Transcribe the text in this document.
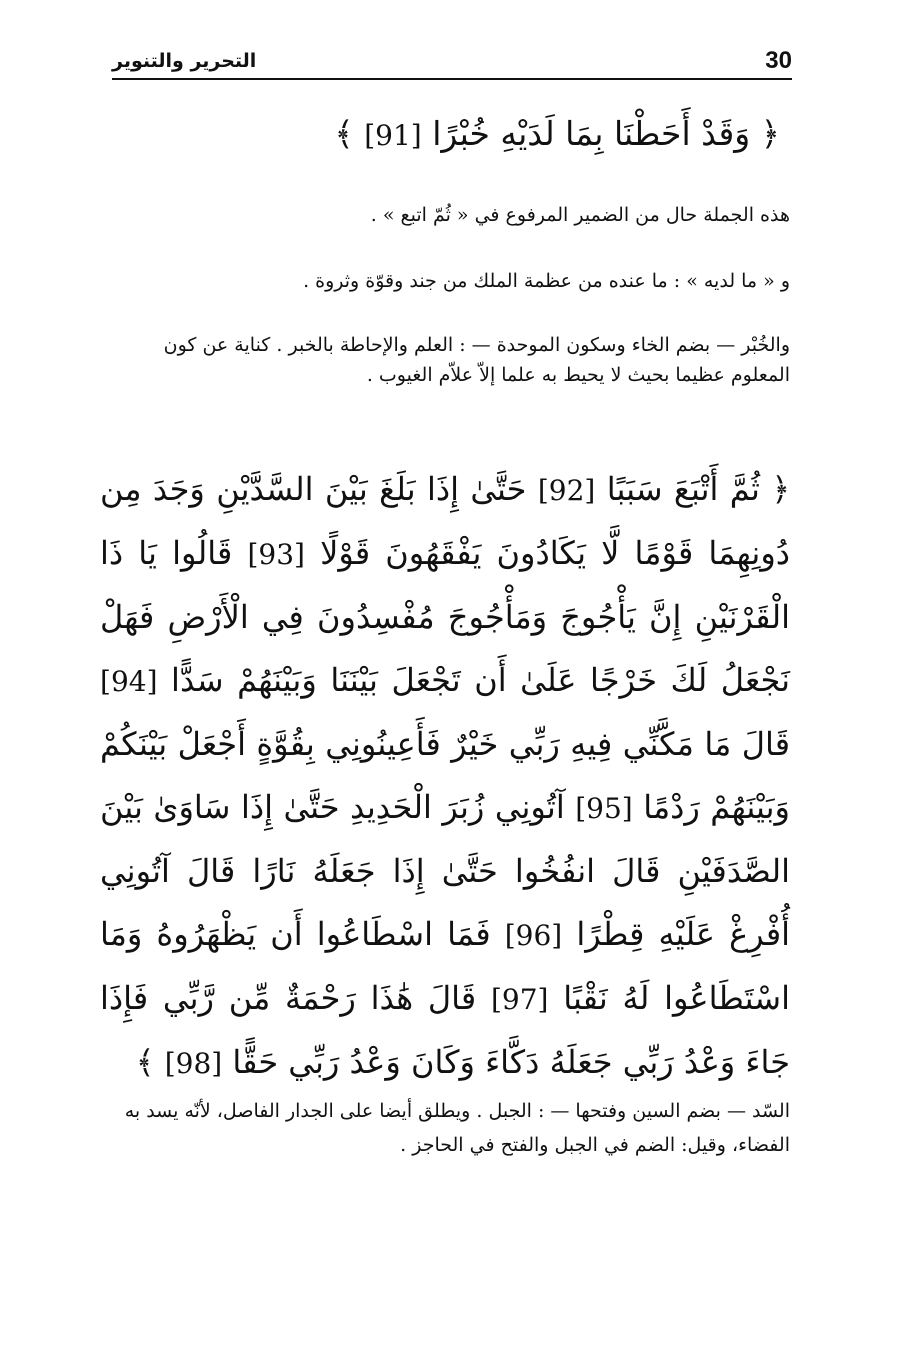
التحرير والتنوير	30
﴿ وَقَدْ أَحَطْنَا بِمَا لَدَيْهِ خُبْرًا [91] ﴾
هذه الجملة حال من الضمير المرفوع في « ثُمّ اتبع » .
و « ما لديه » : ما عنده من عظمة الملك من جند وقوّة وثروة .
والخُبْر — بضم الخاء وسكون الموحدة — : العلم والإحاطة بالخبر . كناية عن كون المعلوم عظيما بحيث لا يحيط به علما إلاّ علاّم الغيوب .
﴿ ثُمَّ أَتْبَعَ سَبَبًا [92] حَتَّىٰ إِذَا بَلَغَ بَيْنَ السَّدَّيْنِ وَجَدَ مِن دُونِهِمَا قَوْمًا لَّا يَكَادُونَ يَفْقَهُونَ قَوْلًا [93] قَالُوا يَا ذَا الْقَرْنَيْنِ إِنَّ يَأْجُوجَ وَمَأْجُوجَ مُفْسِدُونَ فِي الْأَرْضِ فَهَلْ نَجْعَلُ لَكَ خَرْجًا عَلَىٰ أَن تَجْعَلَ بَيْنَنَا وَبَيْنَهُمْ سَدًّا [94] قَالَ مَا مَكَّنِّي فِيهِ رَبِّي خَيْرٌ فَأَعِينُونِي بِقُوَّةٍ أَجْعَلْ بَيْنَكُمْ وَبَيْنَهُمْ رَدْمًا [95] آتُونِي زُبَرَ الْحَدِيدِ حَتَّىٰ إِذَا سَاوَىٰ بَيْنَ الصَّدَفَيْنِ قَالَ انفُخُوا حَتَّىٰ إِذَا جَعَلَهُ نَارًا قَالَ آتُونِي أُفْرِغْ عَلَيْهِ قِطْرًا [96] فَمَا اسْطَاعُوا أَن يَظْهَرُوهُ وَمَا اسْتَطَاعُوا لَهُ نَقْبًا [97] قَالَ هَٰذَا رَحْمَةٌ مِّن رَّبِّي فَإِذَا جَاءَ وَعْدُ رَبِّي جَعَلَهُ دَكَّاءَ وَكَانَ وَعْدُ رَبِّي حَقًّا [98] ﴾
السّد — بضم السين وفتحها — : الجبل . ويطلق أيضا على الجدار الفاصل، لأنّه يسد به الفضاء، وقيل: الضم في الجبل والفتح في الحاجز .
